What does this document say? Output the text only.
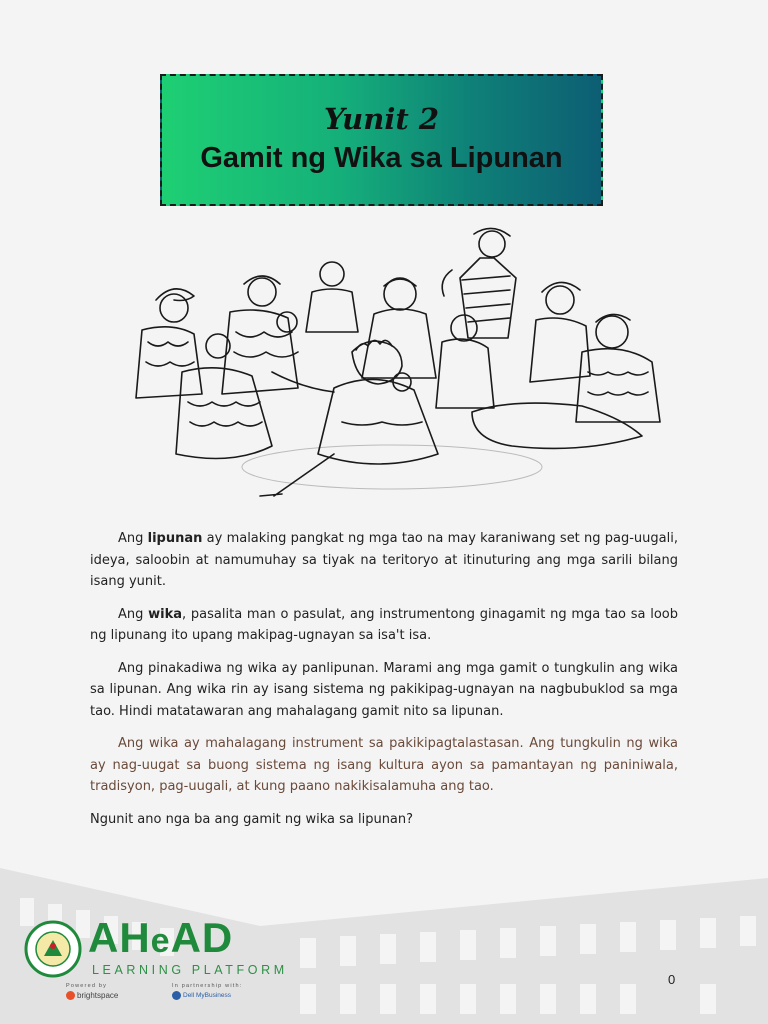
Yunit 2
Gamit ng Wika sa Lipunan

Ang lipunan ay malaking pangkat ng mga tao na may karaniwang set ng pag-uugali, ideya, saloobin at namumuhay sa tiyak na teritoryo at itinuturing ang mga sarili bilang isang yunit.

Ang wika, pasalita man o pasulat, ang instrumentong ginagamit ng mga tao sa loob ng lipunang ito upang makipag-ugnayan sa isa't isa.

Ang pinakadiwa ng wika ay panlipunan. Marami ang mga gamit o tungkulin ang wika sa lipunan. Ang wika rin ay isang sistema ng pakikipag-ugnayan na nagbubuklod sa mga tao. Hindi matatawaran ang mahalagang gamit nito sa lipunan.

Ang wika ay mahalagang instrument sa pakikipagtalastasan. Ang tungkulin ng wika ay nag-uugat sa buong sistema ng isang kultura ayon sa pamantayan ng paniniwala, tradisyon, pag-uugali, at kung paano nakikisalamuha ang tao.

Ngunit ano nga ba ang gamit ng wika sa lipunan?

AHeAD
LEARNING PLATFORM
Powered by	In partnership with:
brightspace	Dell MyBusiness
0
